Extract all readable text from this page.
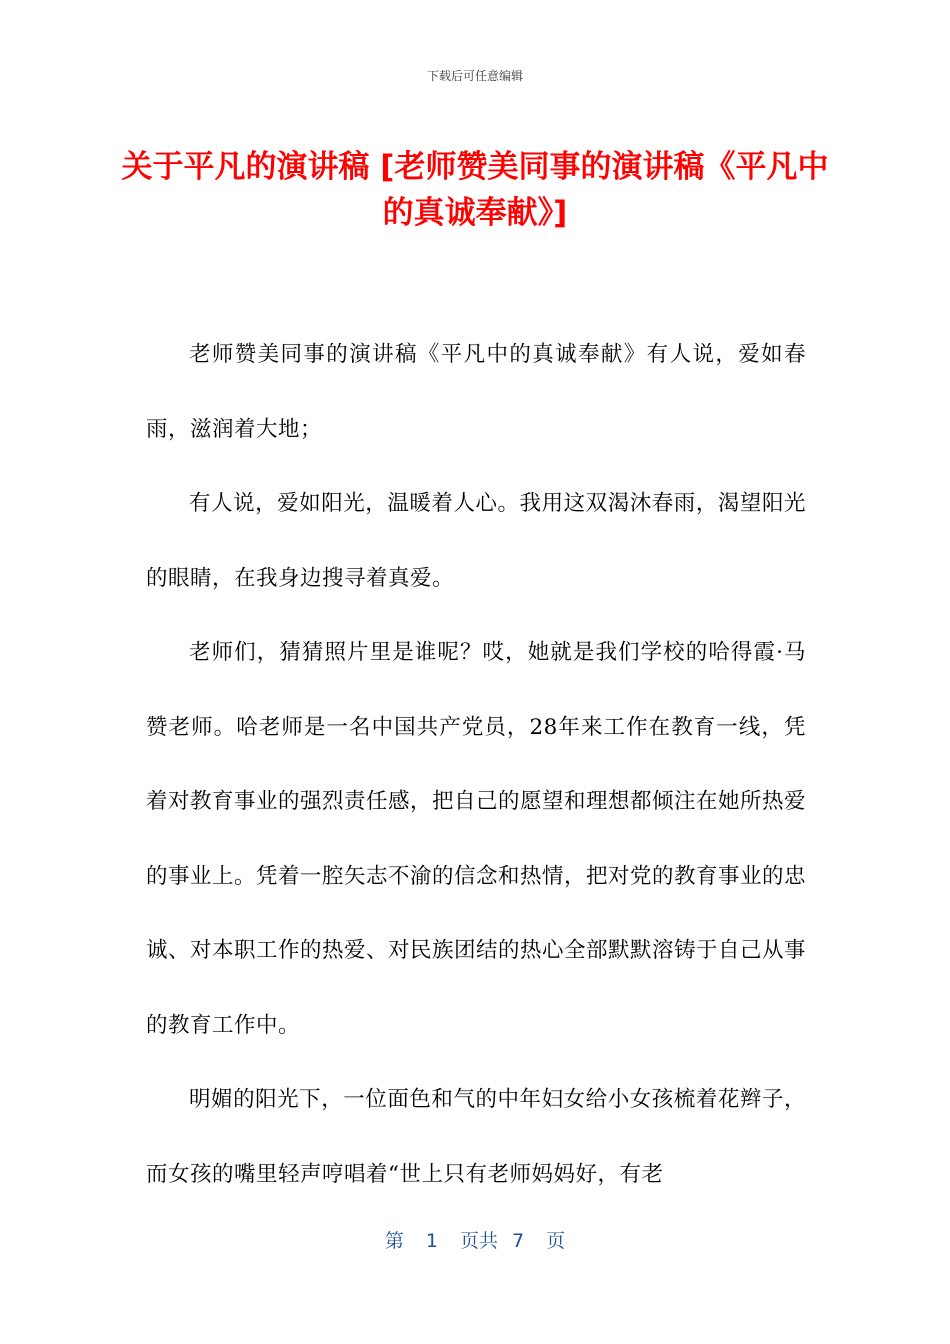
下载后可任意编辑
关于平凡的演讲稿 [老师赞美同事的演讲稿《平凡中的真诚奉献》]

老师赞美同事的演讲稿《平凡中的真诚奉献》有人说，爱如春雨，滋润着大地；

有人说，爱如阳光，温暖着人心。我用这双渴沐春雨，渴望阳光的眼睛，在我身边搜寻着真爱。

老师们，猜猜照片里是谁呢？哎，她就是我们学校的哈得霞·马赞老师。哈老师是一名中国共产党员，28年来工作在教育一线，凭着对教育事业的强烈责任感，把自己的愿望和理想都倾注在她所热爱的事业上。凭着一腔矢志不渝的信念和热情，把对党的教育事业的忠诚、对本职工作的热爱、对民族团结的热心全部默默溶铸于自己从事的教育工作中。

明媚的阳光下，一位面色和气的中年妇女给小女孩梳着花辫子，而女孩的嘴里轻声哼唱着“世上只有老师妈妈好，有老

第 1 页共 7 页
